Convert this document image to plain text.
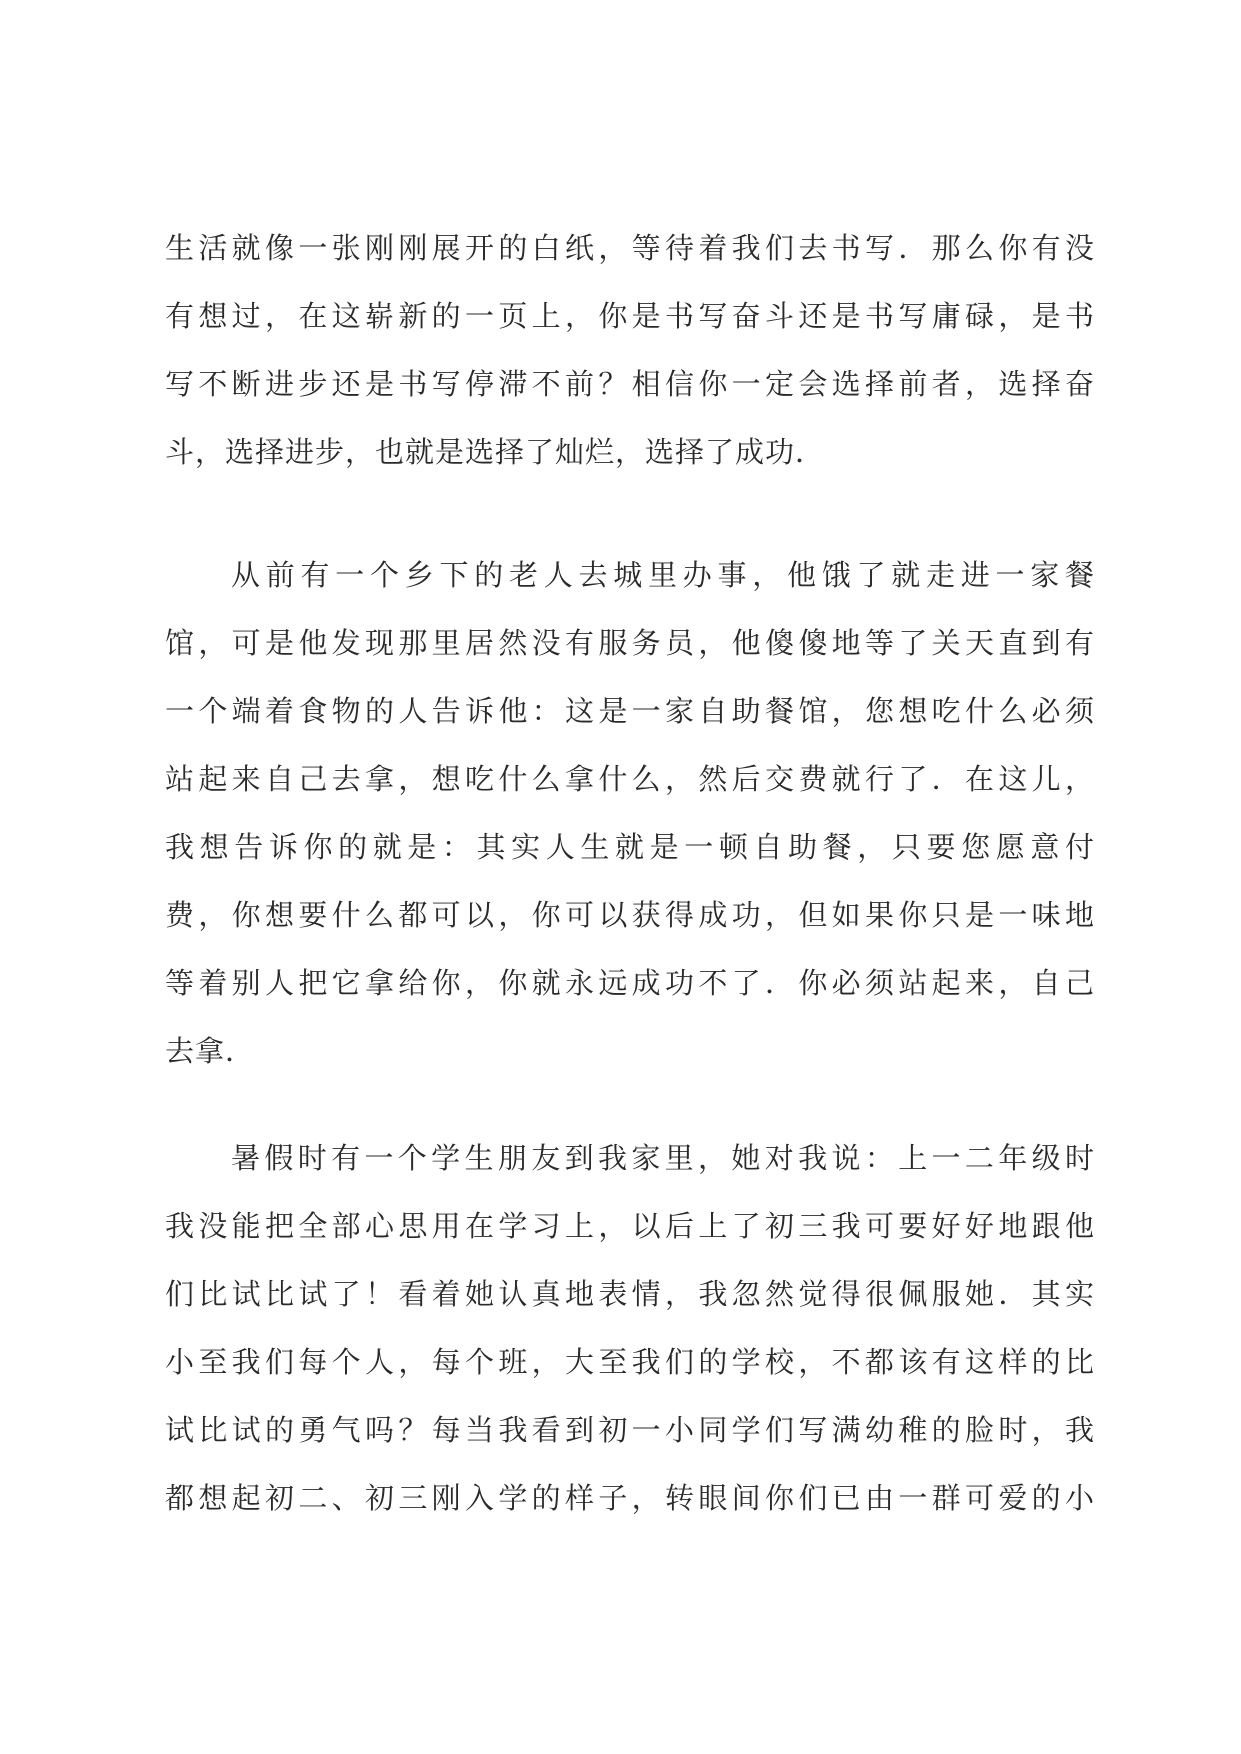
生活就像一张刚刚展开的白纸，等待着我们去书写．那么你有没
有想过，在这崭新的一页上，你是书写奋斗还是书写庸碌，是书
写不断进步还是书写停滞不前？相信你一定会选择前者，选择奋
斗，选择进步，也就是选择了灿烂，选择了成功．
从前有一个乡下的老人去城里办事，他饿了就走进一家餐
馆，可是他发现那里居然没有服务员，他傻傻地等了关天直到有
一个端着食物的人告诉他：这是一家自助餐馆，您想吃什么必须
站起来自己去拿，想吃什么拿什么，然后交费就行了．在这儿，
我想告诉你的就是：其实人生就是一顿自助餐，只要您愿意付
费，你想要什么都可以，你可以获得成功，但如果你只是一味地
等着别人把它拿给你，你就永远成功不了．你必须站起来，自己
去拿．
暑假时有一个学生朋友到我家里，她对我说：上一二年级时
我没能把全部心思用在学习上，以后上了初三我可要好好地跟他
们比试比试了！看着她认真地表情，我忽然觉得很佩服她．其实
小至我们每个人，每个班，大至我们的学校，不都该有这样的比
试比试的勇气吗？每当我看到初一小同学们写满幼稚的脸时，我
都想起初二、初三刚入学的样子，转眼间你们已由一群可爱的小
